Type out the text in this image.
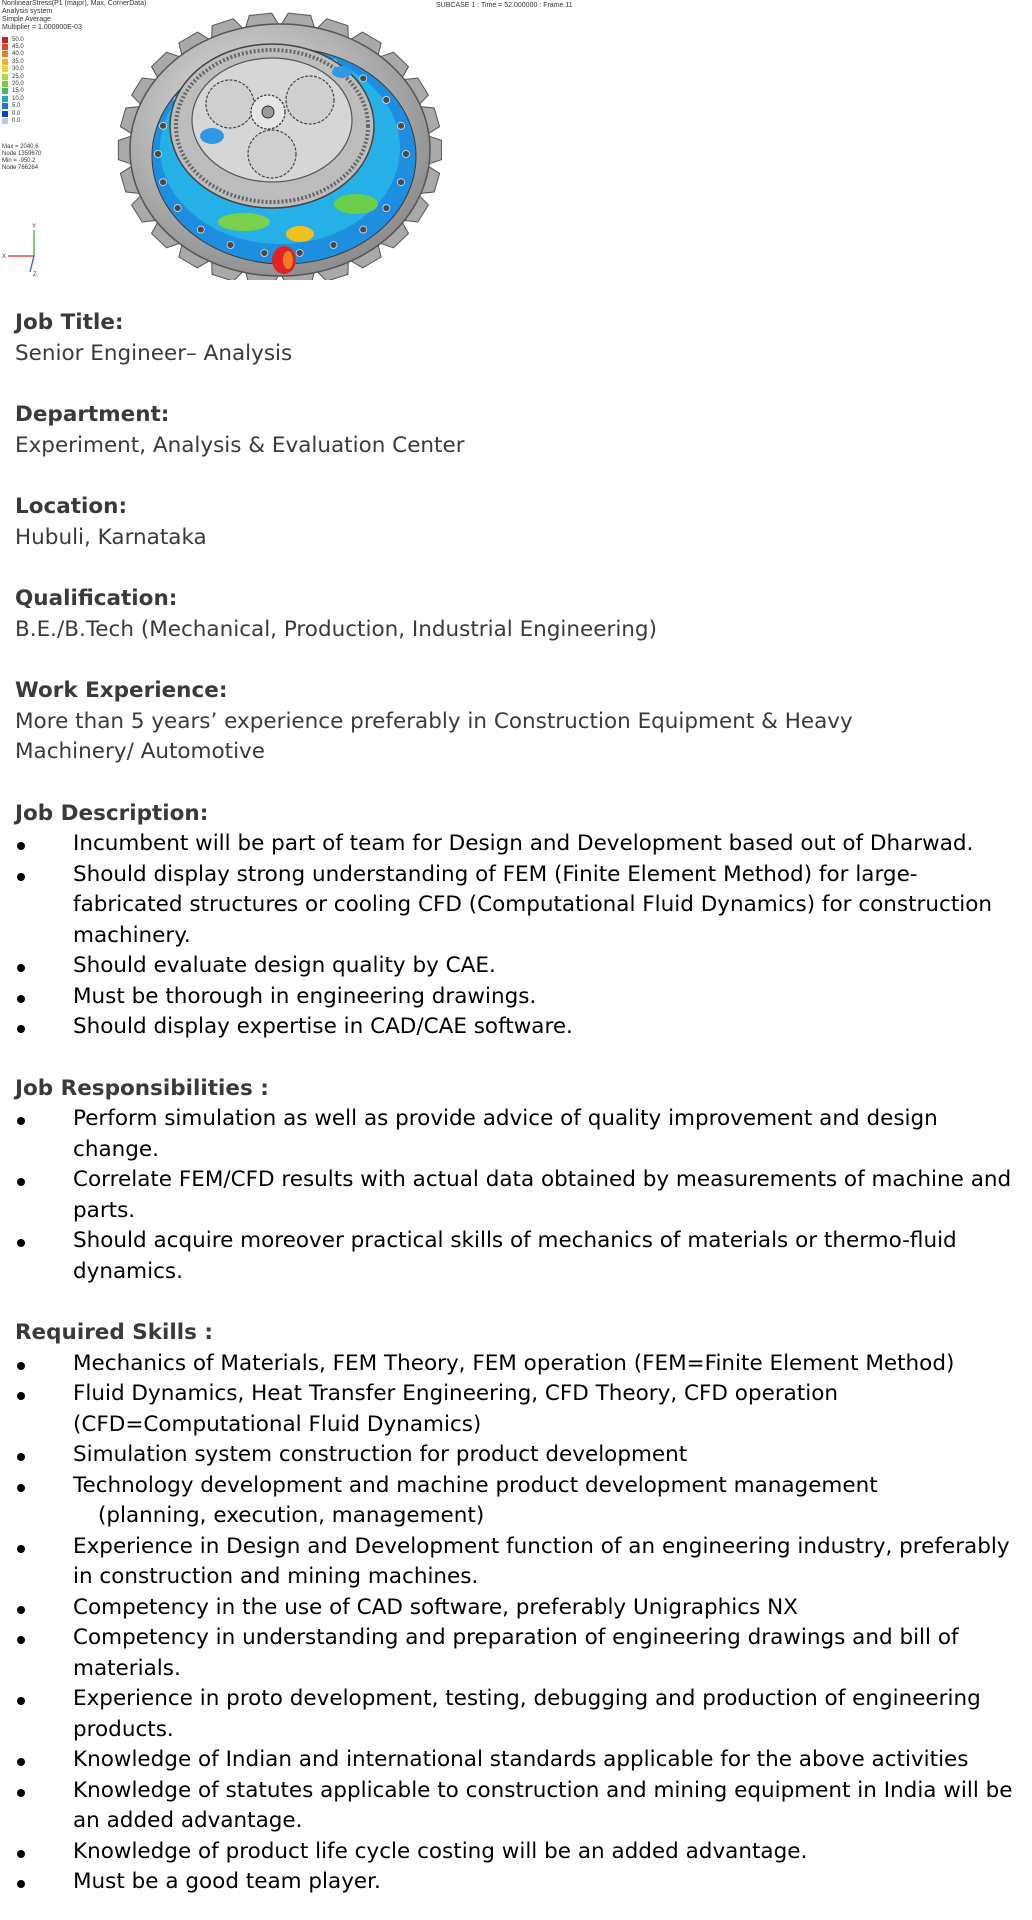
NonlinearStress(P1 (major), Max, CornerData)
Analysis system
Simple Average
Multiplier = 1.000000E-03
SUBCASE 1 : Time = 52.000000 : Frame 11
50.0
45.0
40.0
35.0
30.0
25.0
20.0
15.0
10.0
5.0
0.0
0.0
Max = 2040.6
Node 1359670
Min = -950.2
Node 766264
Y
X
Z

Job Title:

Senior Engineer– Analysis

Department:

Experiment, Analysis & Evaluation Center

Location:

Hubuli, Karnataka

Qualification:

B.E./B.Tech (Mechanical, Production, Industrial Engineering)

Work Experience:

More than 5 years’ experience preferably in Construction Equipment & Heavy Machinery/ Automotive

Job Description:

Incumbent will be part of team for Design and Development based out of Dharwad.
Should display strong understanding of FEM (Finite Element Method) for large-fabricated structures or cooling CFD (Computational Fluid Dynamics) for construction machinery.
Should evaluate design quality by CAE.
Must be thorough in engineering drawings.
Should display expertise in CAD/CAE software.

Job Responsibilities :

Perform simulation as well as provide advice of quality improvement and design change.
Correlate FEM/CFD results with actual data obtained by measurements of machine and parts.
Should acquire moreover practical skills of mechanics of materials or thermo-fluid dynamics.

Required Skills :

Mechanics of Materials, FEM Theory, FEM operation (FEM=Finite Element Method)
Fluid Dynamics, Heat Transfer Engineering, CFD Theory, CFD operation
(CFD=Computational Fluid Dynamics)
Simulation system construction for product development
Technology development and machine product development management
(planning, execution, management)
Experience in Design and Development function of an engineering industry, preferably in construction and mining machines.
Competency in the use of CAD software, preferably Unigraphics NX
Competency in understanding and preparation of engineering drawings and bill of materials.
Experience in proto development, testing, debugging and production of engineering products.
Knowledge of Indian and international standards applicable for the above activities
Knowledge of statutes applicable to construction and mining equipment in India will be an added advantage.
Knowledge of product life cycle costing will be an added advantage.
Must be a good team player.
